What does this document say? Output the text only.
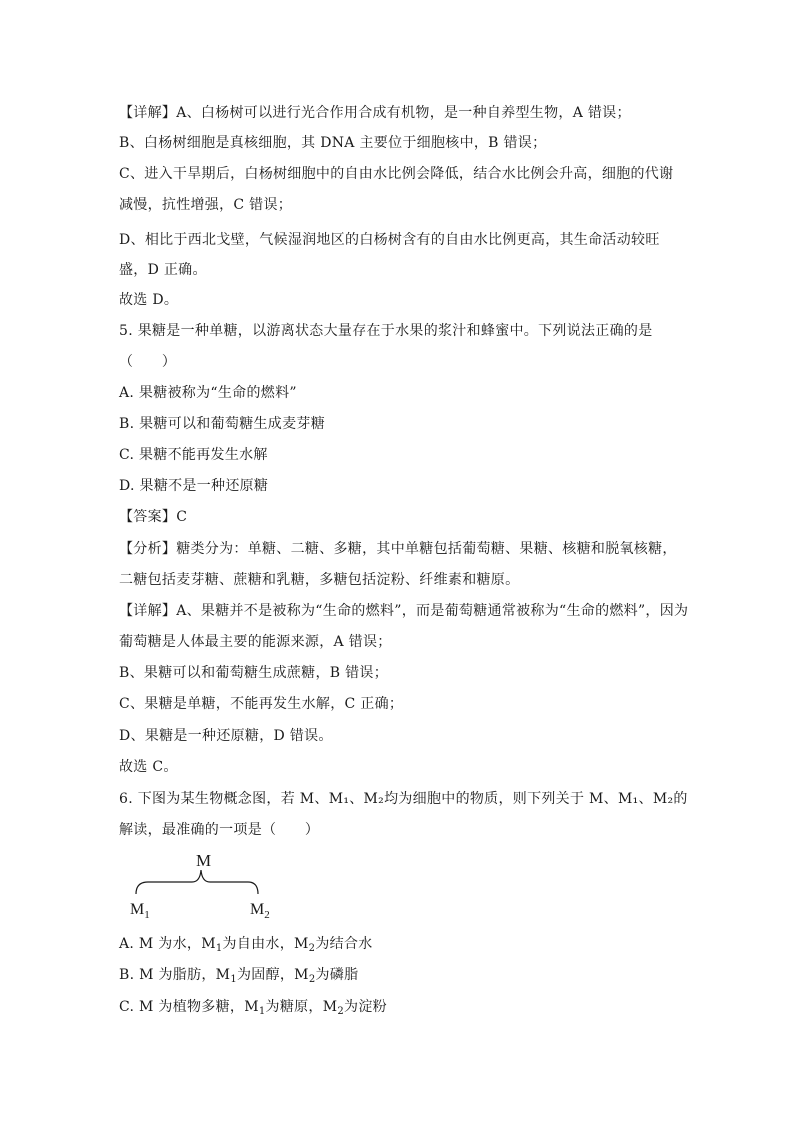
【详解】A、白杨树可以进行光合作用合成有机物，是一种自养型生物，A 错误；
B、白杨树细胞是真核细胞，其 DNA 主要位于细胞核中，B 错误；
C、进入干旱期后，白杨树细胞中的自由水比例会降低，结合水比例会升高，细胞的代谢
减慢，抗性增强，C 错误；
D、相比于西北戈壁，气候湿润地区的白杨树含有的自由水比例更高，其生命活动较旺
盛，D 正确。
故选 D。
5. 果糖是一种单糖，以游离状态大量存在于水果的浆汁和蜂蜜中。下列说法正确的是
（　　）
A. 果糖被称为“生命的燃料”
B. 果糖可以和葡萄糖生成麦芽糖
C. 果糖不能再发生水解
D. 果糖不是一种还原糖
【答案】C
【分析】糖类分为：单糖、二糖、多糖，其中单糖包括葡萄糖、果糖、核糖和脱氧核糖，
二糖包括麦芽糖、蔗糖和乳糖，多糖包括淀粉、纤维素和糖原。
【详解】A、果糖并不是被称为“生命的燃料”，而是葡萄糖通常被称为“生命的燃料”，因为
葡萄糖是人体最主要的能源来源，A 错误；
B、果糖可以和葡萄糖生成蔗糖，B 错误；
C、果糖是单糖，不能再发生水解，C 正确；
D、果糖是一种还原糖，D 错误。
故选 C。
6. 下图为某生物概念图，若 M、M₁、M₂均为细胞中的物质，则下列关于 M、M₁、M₂的
解读，最准确的一项是（　　）
M
$M_1$	$M_2$
A. M 为水，$M_1$为自由水，$M_2$为结合水
B. M 为脂肪，$M_1$为固醇，$M_2$为磷脂
C. M 为植物多糖，$M_1$为糖原，$M_2$为淀粉
